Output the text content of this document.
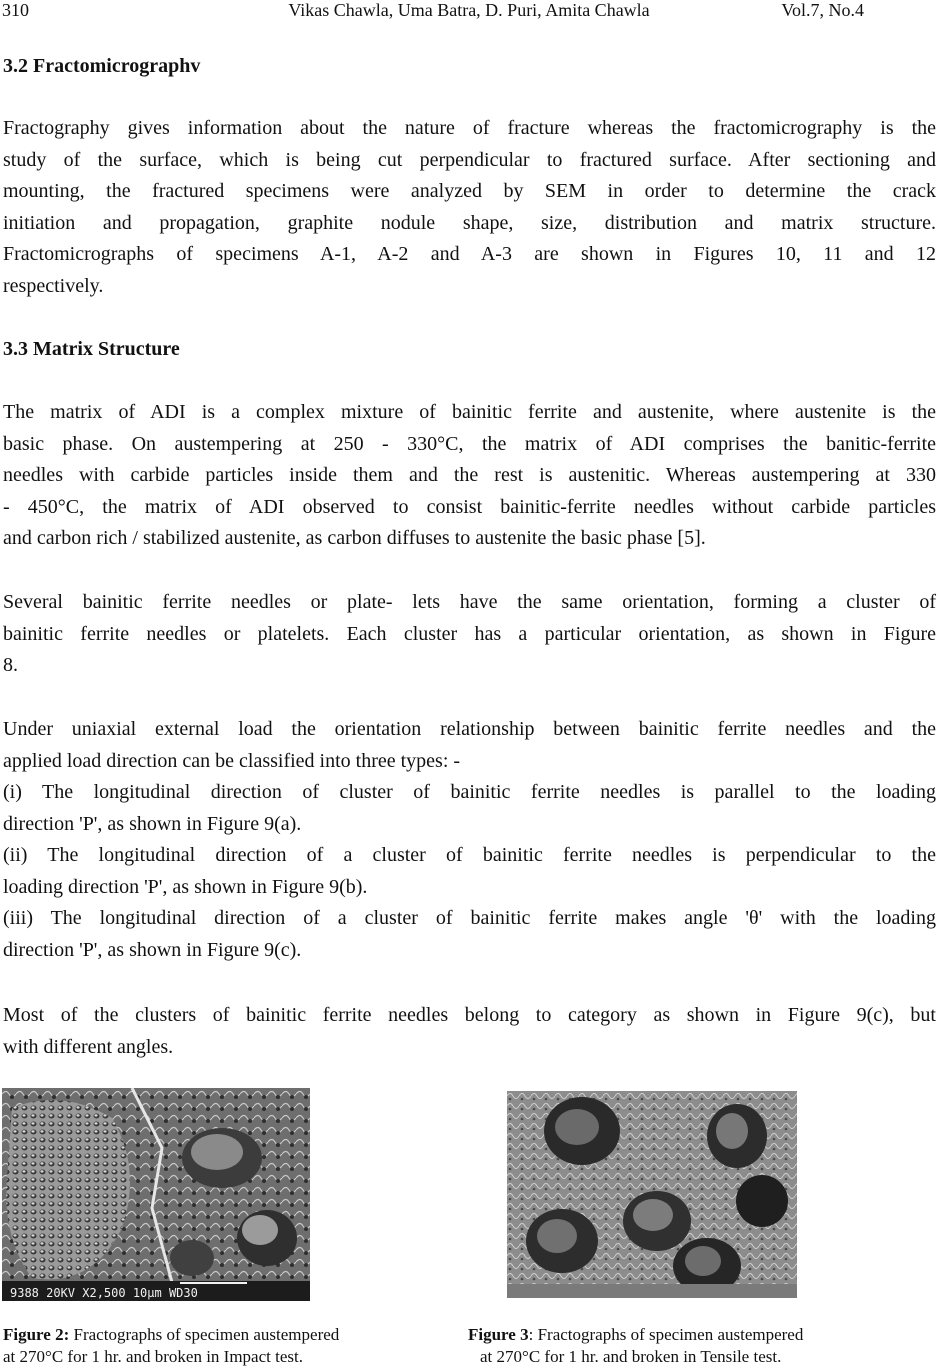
310	Vikas Chawla, Uma Batra, D. Puri, Amita Chawla	Vol.7, No.4
3.2 Fractomicrographv
Fractography gives information about the nature of fracture whereas the fractomicrography is the
study of the surface, which is being cut perpendicular to fractured surface. After sectioning and
mounting, the fractured specimens were analyzed by SEM in order to determine the crack
initiation and propagation, graphite nodule shape, size, distribution and matrix structure.
Fractomicrographs of specimens A-1, A-2 and A-3 are shown in Figures 10, 11 and 12
respectively.
3.3 Matrix Structure
The matrix of ADI is a complex mixture of bainitic ferrite and austenite, where austenite is the
basic phase. On austempering at 250 - 330°C, the matrix of ADI comprises the banitic-ferrite
needles with carbide particles inside them and the rest is austenitic. Whereas austempering at 330
- 450°C, the matrix of ADI observed to consist bainitic-ferrite needles without carbide particles
and carbon rich / stabilized austenite, as carbon diffuses to austenite the basic phase [5].
Several bainitic ferrite needles or plate- lets have the same orientation, forming a cluster of
bainitic ferrite needles or platelets. Each cluster has a particular orientation, as shown in Figure
8.
Under uniaxial external load the orientation relationship between bainitic ferrite needles and the
applied load direction can be classified into three types: -
(i) The longitudinal direction of cluster of bainitic ferrite needles is parallel to the loading
direction 'P', as shown in Figure 9(a).
(ii) The longitudinal direction of a cluster of bainitic ferrite needles is perpendicular to the
loading direction 'P', as shown in Figure 9(b).
(iii) The longitudinal direction of a cluster of bainitic ferrite makes angle 'θ' with the loading
direction 'P', as shown in Figure 9(c).
Most of the clusters of bainitic ferrite needles belong to category as shown in Figure 9(c), but
with different angles.
9388 20KV X2,500 10μm WD30
Figure 2: Fractographs of specimen austempered
at 270°C for 1 hr. and broken in Impact test.
Figure 3: Fractographs of specimen austempered
at 270°C for 1 hr. and broken in Tensile test.
